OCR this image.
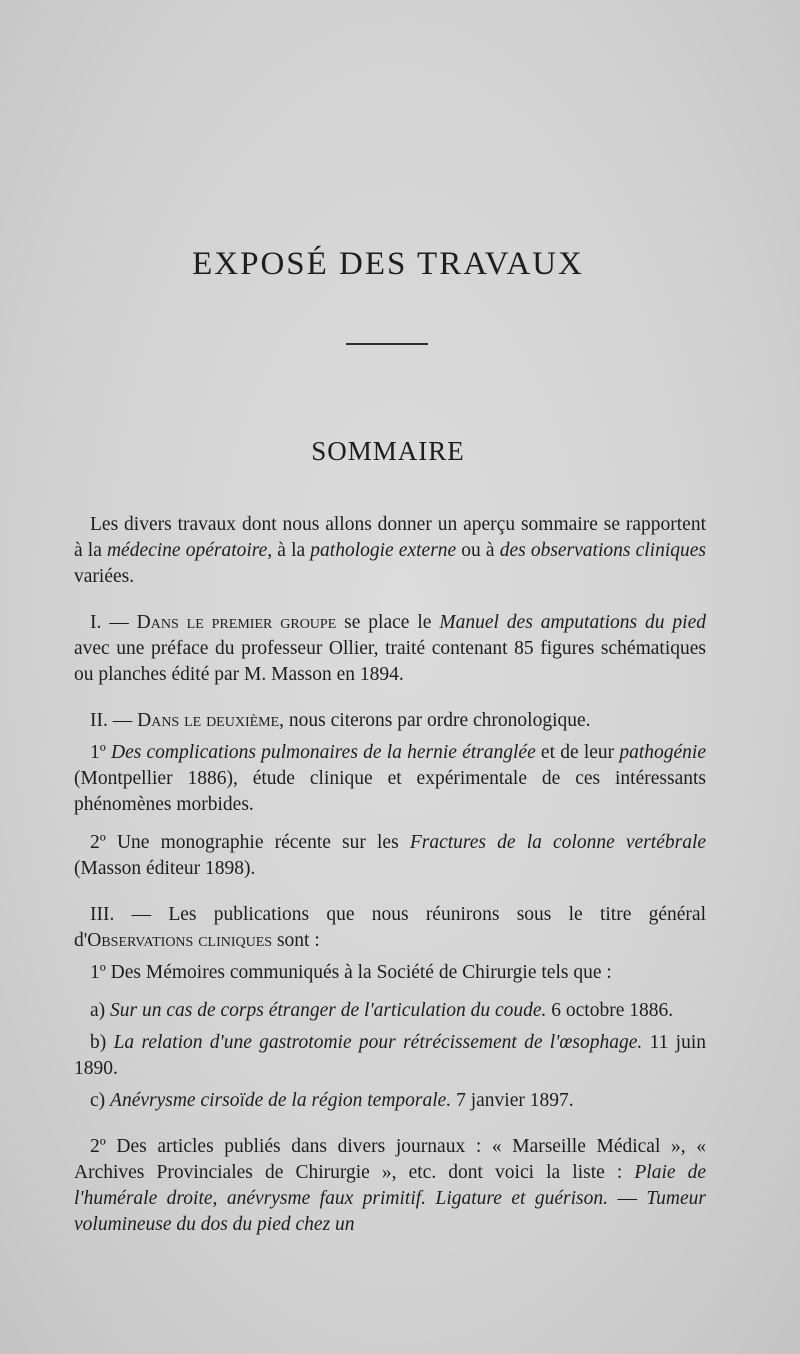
EXPOSÉ DES TRAVAUX
SOMMAIRE

Les divers travaux dont nous allons donner un aperçu sommaire se rapportent à la médecine opératoire, à la pathologie externe ou à des observations cliniques variées.

I. — Dans le premier groupe se place le Manuel des amputations du pied avec une préface du professeur Ollier, traité contenant 85 figures schématiques ou planches édité par M. Masson en 1894.

II. — Dans le deuxième, nous citerons par ordre chronologique.

1º Des complications pulmonaires de la hernie étranglée et de leur pathogénie (Montpellier 1886), étude clinique et expérimentale de ces intéressants phénomènes morbides.

2º Une monographie récente sur les Fractures de la colonne vertébrale (Masson éditeur 1898).

III. — Les publications que nous réunirons sous le titre général d'Observations cliniques sont :

1º Des Mémoires communiqués à la Société de Chirurgie tels que :

a) Sur un cas de corps étranger de l'articulation du coude. 6 octobre 1886.

b) La relation d'une gastrotomie pour rétrécissement de l'œsophage. 11 juin 1890.

c) Anévrysme cirsoïde de la région temporale. 7 janvier 1897.

2º Des articles publiés dans divers journaux : « Marseille Médical », « Archives Provinciales de Chirurgie », etc. dont voici la liste : Plaie de l'humérale droite, anévrysme faux primitif. Ligature et guérison. — Tumeur volumineuse du dos du pied chez un
